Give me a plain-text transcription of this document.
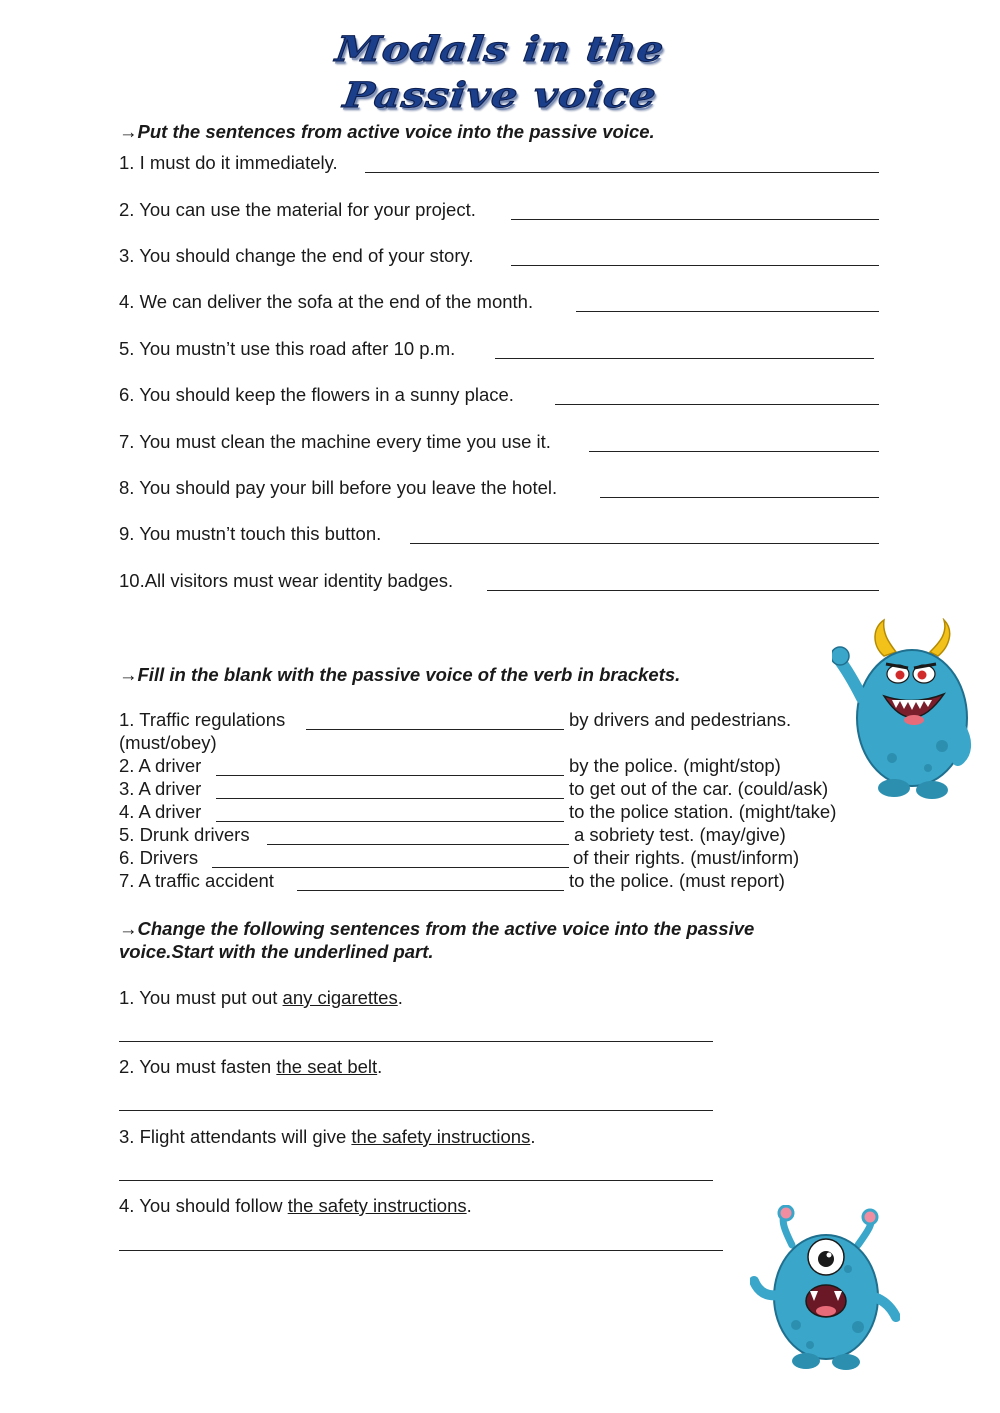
Modals in the
Passive voice
→Put the sentences from active voice into the passive voice.
1. I must do it immediately.
2. You can use the material for your project.
3. You should change the end of your story.
4. We can deliver the sofa at the end of the month.
5. You mustn’t use this road after 10 p.m.
6. You should keep the flowers in a sunny place.
7. You must clean the machine every time you use it.
8. You should pay your bill before you leave the hotel.
9. You mustn’t touch this button.
10.All visitors must wear identity badges.
→Fill in the blank with the passive voice of the verb in brackets.
1. Traffic regulations	by drivers and pedestrians.
(must/obey)
2. A driver	by the police. (might/stop)
3. A driver	to get out of the car. (could/ask)
4. A driver	to the police station. (might/take)
5. Drunk drivers	a sobriety test. (may/give)
6. Drivers	of their rights. (must/inform)
7. A traffic accident	to the police. (must report)
→Change the following sentences from the active voice into the passive voice.Start with the underlined part.
1. You must put out any cigarettes.
2. You must fasten the seat belt.
3. Flight attendants will give the safety instructions.
4. You should follow the safety instructions.
